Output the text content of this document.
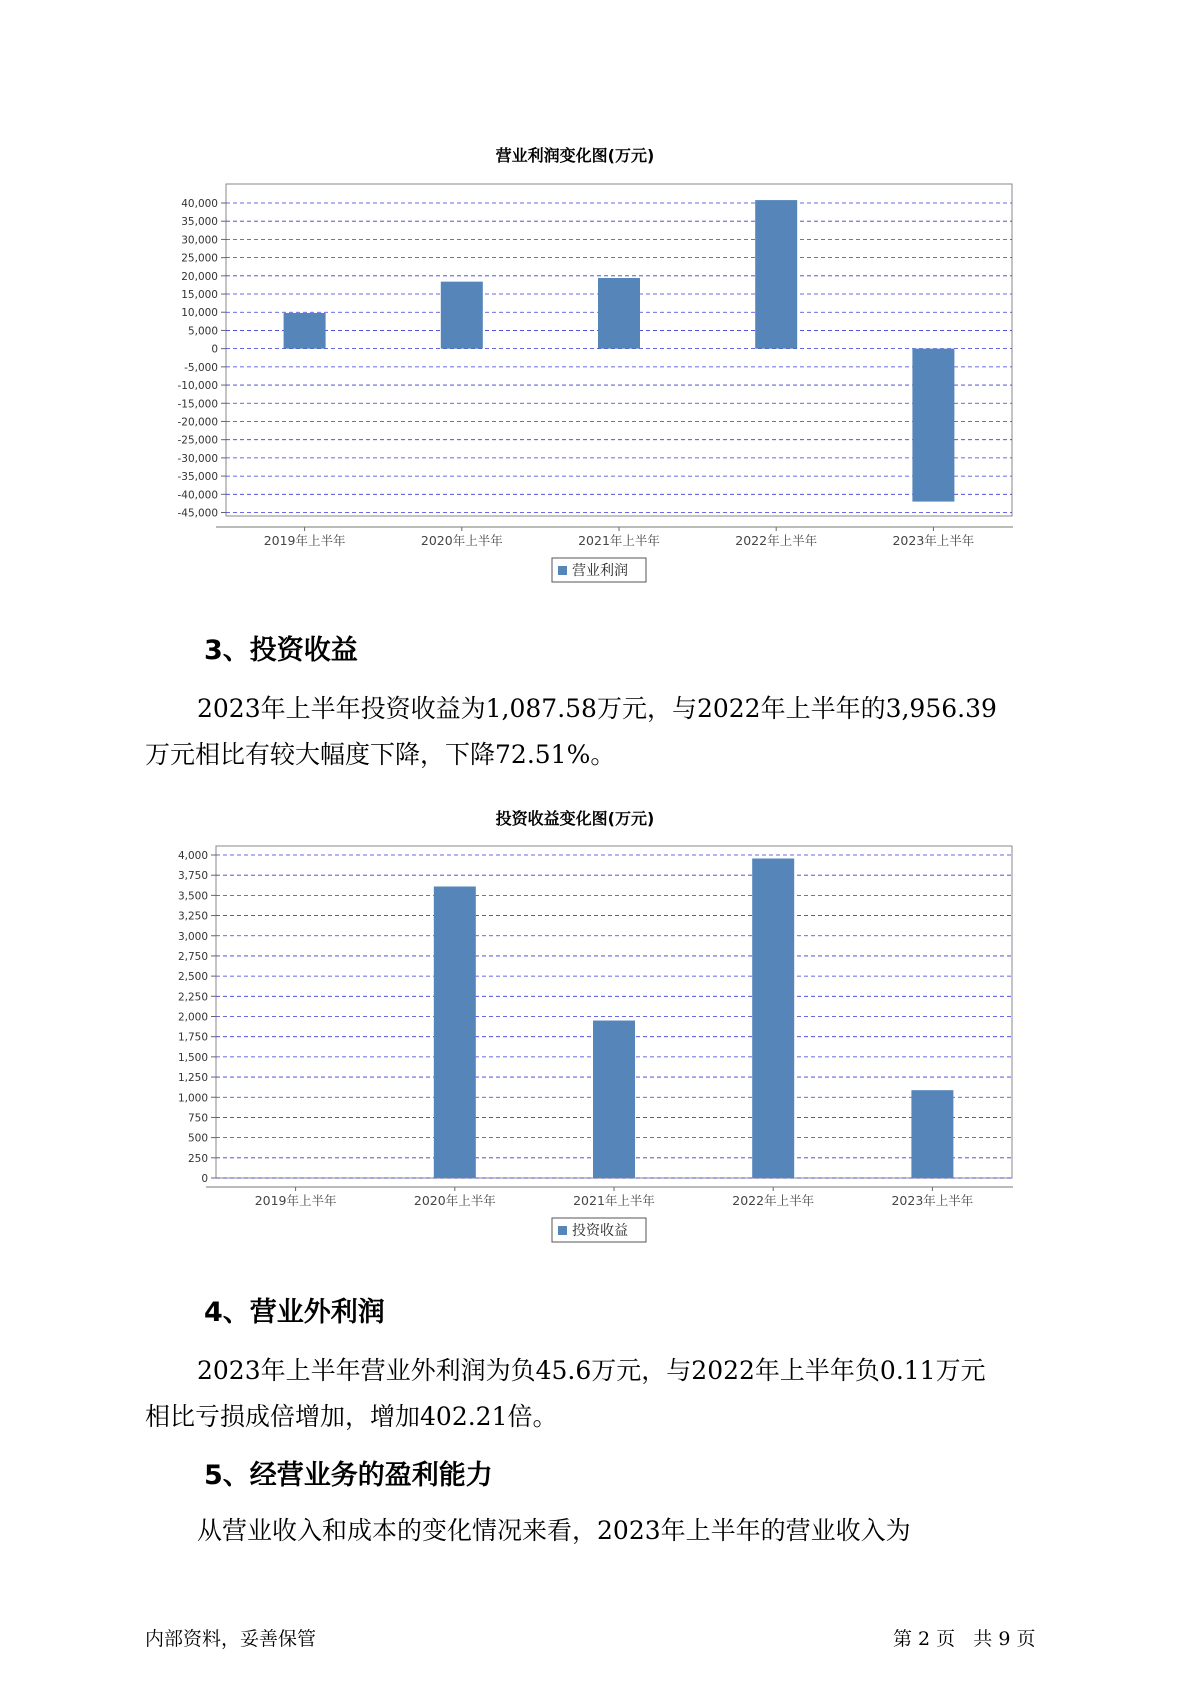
营业利润变化图(万元)
40,000
35,000
30,000
25,000
20,000
15,000
10,000
5,000
0
-5,000
-10,000
-15,000
-20,000
-25,000
-30,000
-35,000
-40,000
-45,000
2019年上半年	2020年上半年	2021年上半年	2022年上半年	2023年上半年
营业利润
3、投资收益
2023年上半年投资收益为1,087.58万元，与2022年上半年的3,956.39
万元相比有较大幅度下降，下降72.51%。
投资收益变化图(万元)
4,000
3,750
3,500
3,250
3,000
2,750
2,500
2,250
2,000
1,750
1,500
1,250
1,000
750
500
250
0
2019年上半年	2020年上半年	2021年上半年	2022年上半年	2023年上半年
投资收益
4、营业外利润
2023年上半年营业外利润为负45.6万元，与2022年上半年负0.11万元
相比亏损成倍增加，增加402.21倍。
5、经营业务的盈利能力
从营业收入和成本的变化情况来看，2023年上半年的营业收入为
内部资料，妥善保管	第 2 页   共 9 页
